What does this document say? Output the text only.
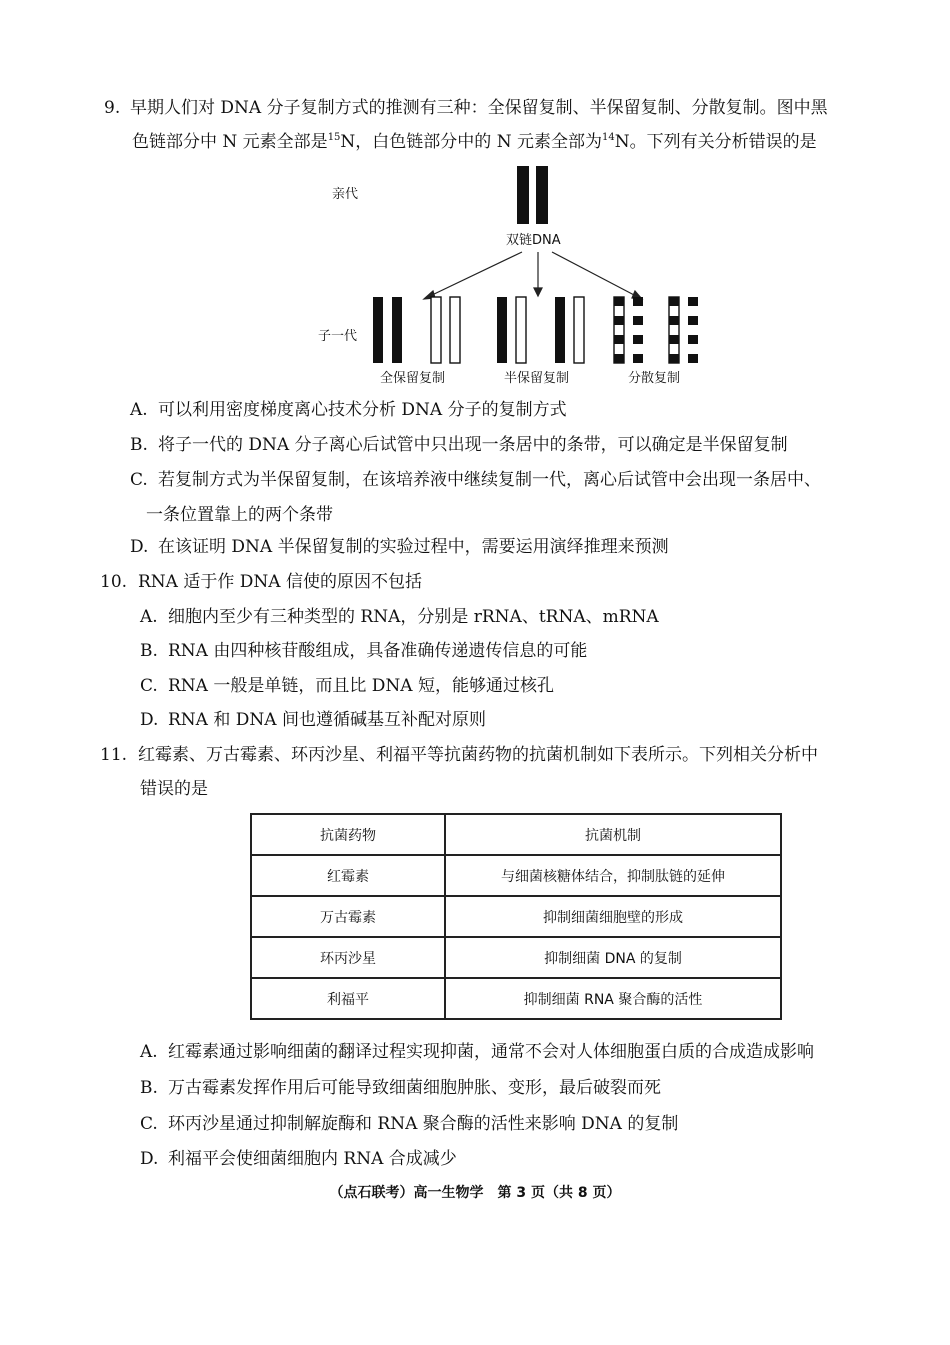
9. 早期人们对 DNA 分子复制方式的推测有三种：全保留复制、半保留复制、分散复制。图中黑
色链部分中 N 元素全部是$^{15}$N，白色链部分中的 N 元素全部为$^{14}$N。下列有关分析错误的是
亲代
双链DNA
子一代
全保留复制	半保留复制	分散复制
A. 可以利用密度梯度离心技术分析 DNA 分子的复制方式
B. 将子一代的 DNA 分子离心后试管中只出现一条居中的条带，可以确定是半保留复制
C. 若复制方式为半保留复制，在该培养液中继续复制一代，离心后试管中会出现一条居中、
一条位置靠上的两个条带
D. 在该证明 DNA 半保留复制的实验过程中，需要运用演绎推理来预测
10. RNA 适于作 DNA 信使的原因不包括
A. 细胞内至少有三种类型的 RNA，分别是 rRNA、tRNA、mRNA
B. RNA 由四种核苷酸组成，具备准确传递遗传信息的可能
C. RNA 一般是单链，而且比 DNA 短，能够通过核孔
D. RNA 和 DNA 间也遵循碱基互补配对原则
11. 红霉素、万古霉素、环丙沙星、利福平等抗菌药物的抗菌机制如下表所示。下列相关分析中
错误的是
抗菌药物	抗菌机制
红霉素	与细菌核糖体结合，抑制肽链的延伸
万古霉素	抑制细菌细胞壁的形成
环丙沙星	抑制细菌 DNA 的复制
利福平	抑制细菌 RNA 聚合酶的活性
A. 红霉素通过影响细菌的翻译过程实现抑菌，通常不会对人体细胞蛋白质的合成造成影响
B. 万古霉素发挥作用后可能导致细菌细胞肿胀、变形，最后破裂而死
C. 环丙沙星通过抑制解旋酶和 RNA 聚合酶的活性来影响 DNA 的复制
D. 利福平会使细菌细胞内 RNA 合成减少
（点石联考）高一生物学　第 3 页（共 8 页）
